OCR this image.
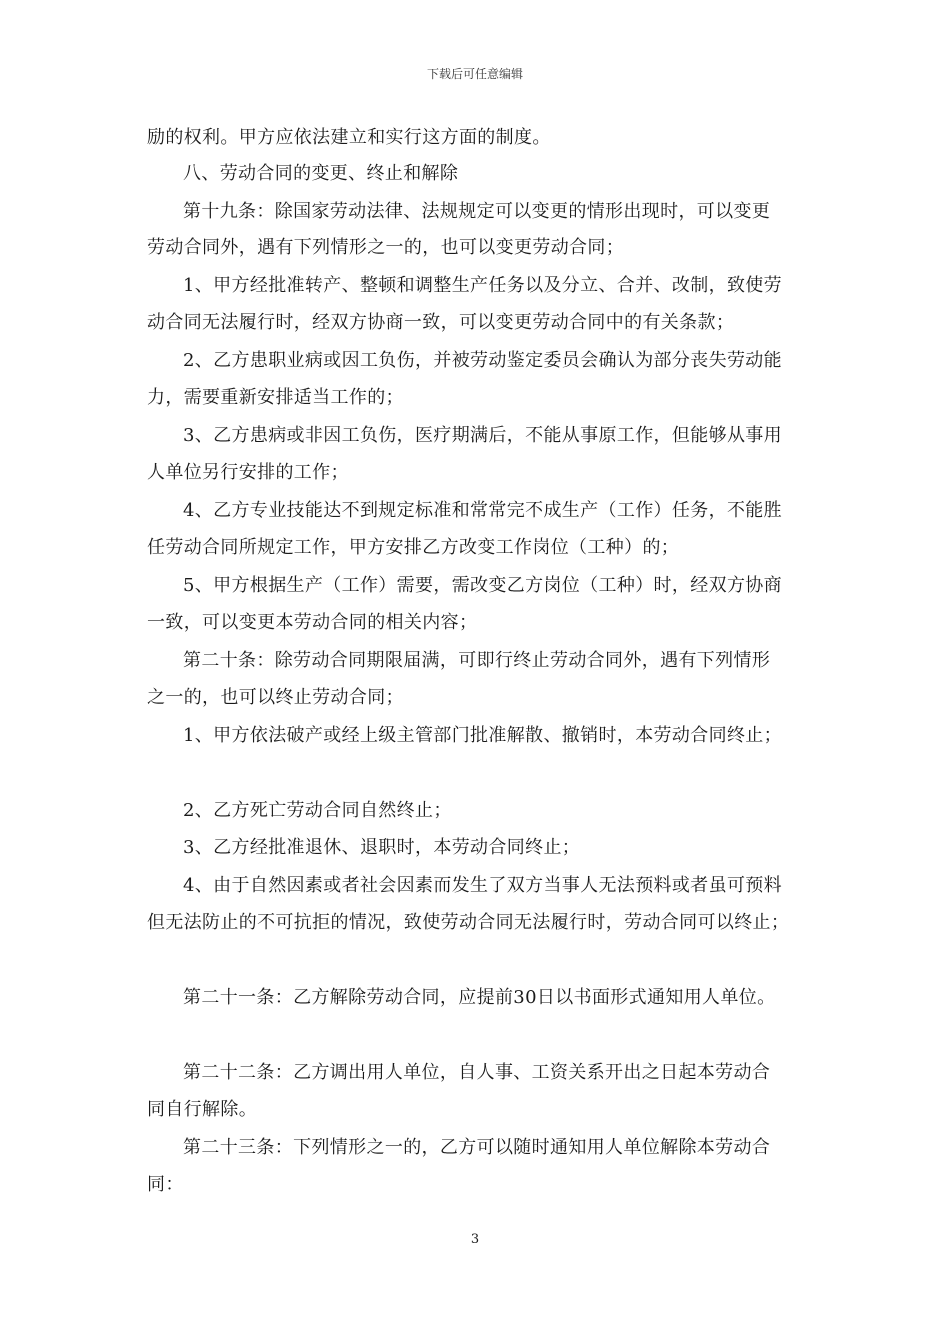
下载后可任意编辑
励的权利。甲方应依法建立和实行这方面的制度。
八、劳动合同的变更、终止和解除
第十九条：除国家劳动法律、法规规定可以变更的情形出现时，可以变更
劳动合同外，遇有下列情形之一的，也可以变更劳动合同；
1、甲方经批准转产、整顿和调整生产任务以及分立、合并、改制，致使劳
动合同无法履行时，经双方协商一致，可以变更劳动合同中的有关条款；
2、乙方患职业病或因工负伤，并被劳动鉴定委员会确认为部分丧失劳动能
力，需要重新安排适当工作的；
3、乙方患病或非因工负伤，医疗期满后，不能从事原工作，但能够从事用
人单位另行安排的工作；
4、乙方专业技能达不到规定标准和常常完不成生产（工作）任务，不能胜
任劳动合同所规定工作，甲方安排乙方改变工作岗位（工种）的；
5、甲方根据生产（工作）需要，需改变乙方岗位（工种）时，经双方协商
一致，可以变更本劳动合同的相关内容；
第二十条：除劳动合同期限届满，可即行终止劳动合同外，遇有下列情形
之一的，也可以终止劳动合同；
1、甲方依法破产或经上级主管部门批准解散、撤销时，本劳动合同终止；
2、乙方死亡劳动合同自然终止；
3、乙方经批准退休、退职时，本劳动合同终止；
4、由于自然因素或者社会因素而发生了双方当事人无法预料或者虽可预料
但无法防止的不可抗拒的情况，致使劳动合同无法履行时，劳动合同可以终止；
第二十一条：乙方解除劳动合同，应提前30日以书面形式通知用人单位。
第二十二条：乙方调出用人单位，自人事、工资关系开出之日起本劳动合
同自行解除。
第二十三条：下列情形之一的，乙方可以随时通知用人单位解除本劳动合
同：
3
